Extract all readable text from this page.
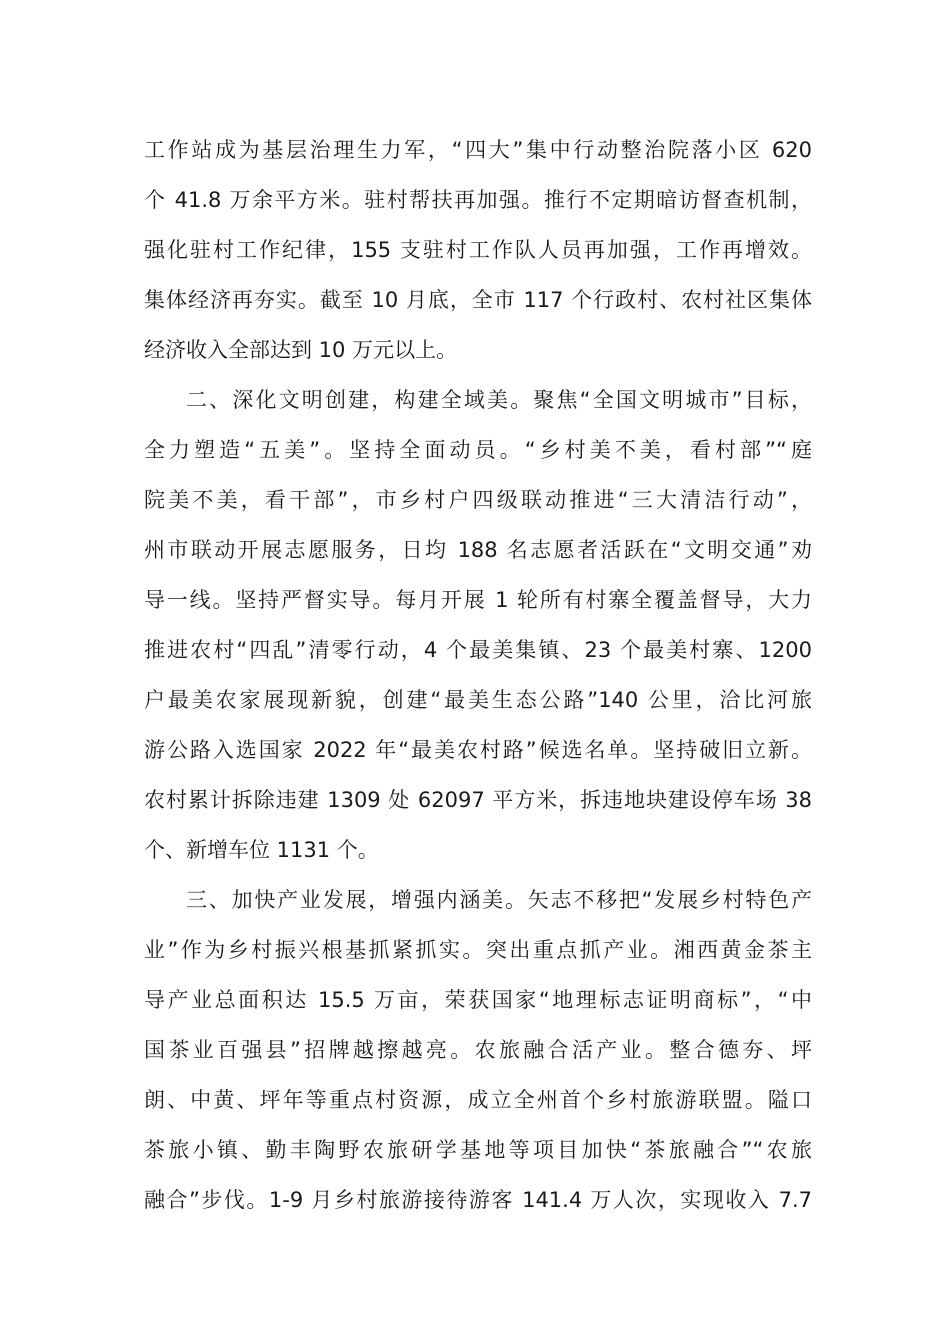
工作站成为基层治理生力军，“四大”集中行动整治院落小区 620
个 41.8 万余平方米。驻村帮扶再加强。推行不定期暗访督查机制，
强化驻村工作纪律，155 支驻村工作队人员再加强，工作再增效。
集体经济再夯实。截至 10 月底，全市 117 个行政村、农村社区集体
经济收入全部达到 10 万元以上。
二、深化文明创建，构建全域美。聚焦“全国文明城市”目标，
全力塑造“五美”。坚持全面动员。“乡村美不美，看村部”“庭
院美不美，看干部”，市乡村户四级联动推进“三大清洁行动”，
州市联动开展志愿服务，日均 188 名志愿者活跃在“文明交通”劝
导一线。坚持严督实导。每月开展 1 轮所有村寨全覆盖督导，大力
推进农村“四乱”清零行动，4 个最美集镇、23 个最美村寨、1200
户最美农家展现新貌，创建“最美生态公路”140 公里，洽比河旅
游公路入选国家 2022 年“最美农村路”候选名单。坚持破旧立新。
农村累计拆除违建 1309 处 62097 平方米，拆违地块建设停车场 38
个、新增车位 1131 个。
三、加快产业发展，增强内涵美。矢志不移把“发展乡村特色产
业”作为乡村振兴根基抓紧抓实。突出重点抓产业。湘西黄金茶主
导产业总面积达 15.5 万亩，荣获国家“地理标志证明商标”，“中
国茶业百强县”招牌越擦越亮。农旅融合活产业。整合德夯、坪
朗、中黄、坪年等重点村资源，成立全州首个乡村旅游联盟。隘口
茶旅小镇、勤丰陶野农旅研学基地等项目加快“茶旅融合”“农旅
融合”步伐。1-9 月乡村旅游接待游客 141.4 万人次，实现收入 7.7
